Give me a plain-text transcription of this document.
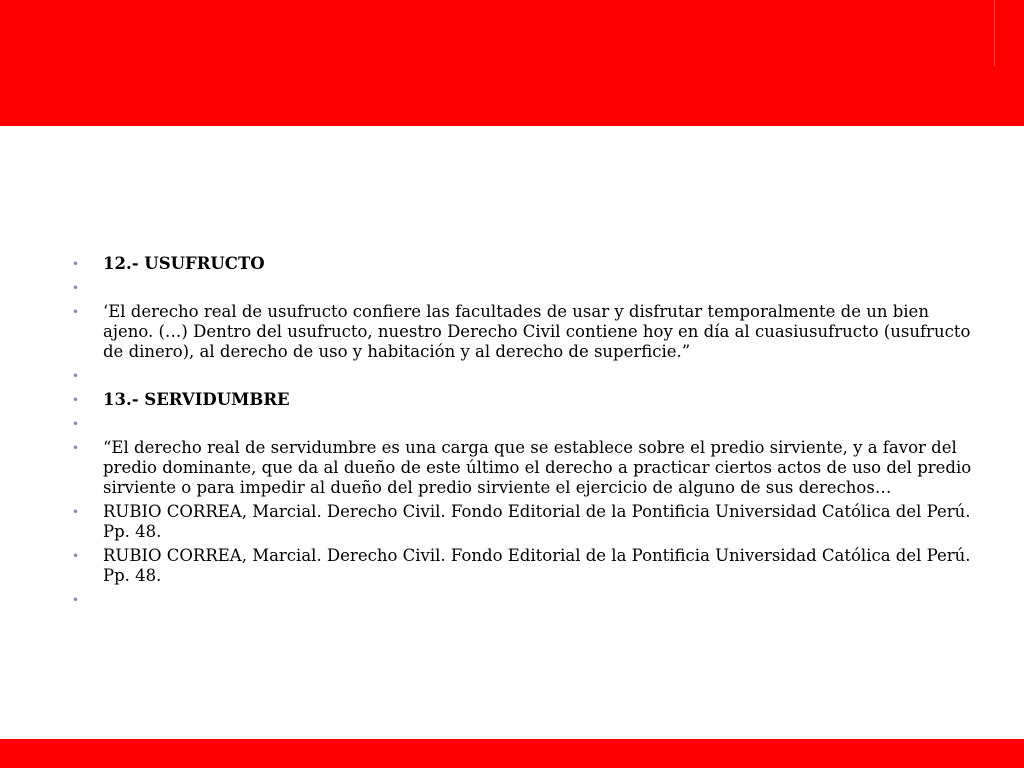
• 12.- USUFRUCTO
•
• ‘El derecho real de usufructo confiere las facultades de usar y disfrutar temporalmente de un bien ajeno. (…) Dentro del usufructo, nuestro Derecho Civil contiene hoy en día al cuasiusufructo (usufructo de dinero), al derecho de uso y habitación y al derecho de superficie.”
•
• 13.- SERVIDUMBRE
•
• “El derecho real de servidumbre es una carga que se establece sobre el predio sirviente, y a favor del predio dominante, que da al dueño de este último el derecho a practicar ciertos actos de uso del predio sirviente o para impedir al dueño del predio sirviente el ejercicio de alguno de sus derechos…
• RUBIO CORREA, Marcial. Derecho Civil. Fondo Editorial de la Pontificia Universidad Católica del Perú. Pp. 48.
• RUBIO CORREA, Marcial. Derecho Civil. Fondo Editorial de la Pontificia Universidad Católica del Perú. Pp. 48.
•
